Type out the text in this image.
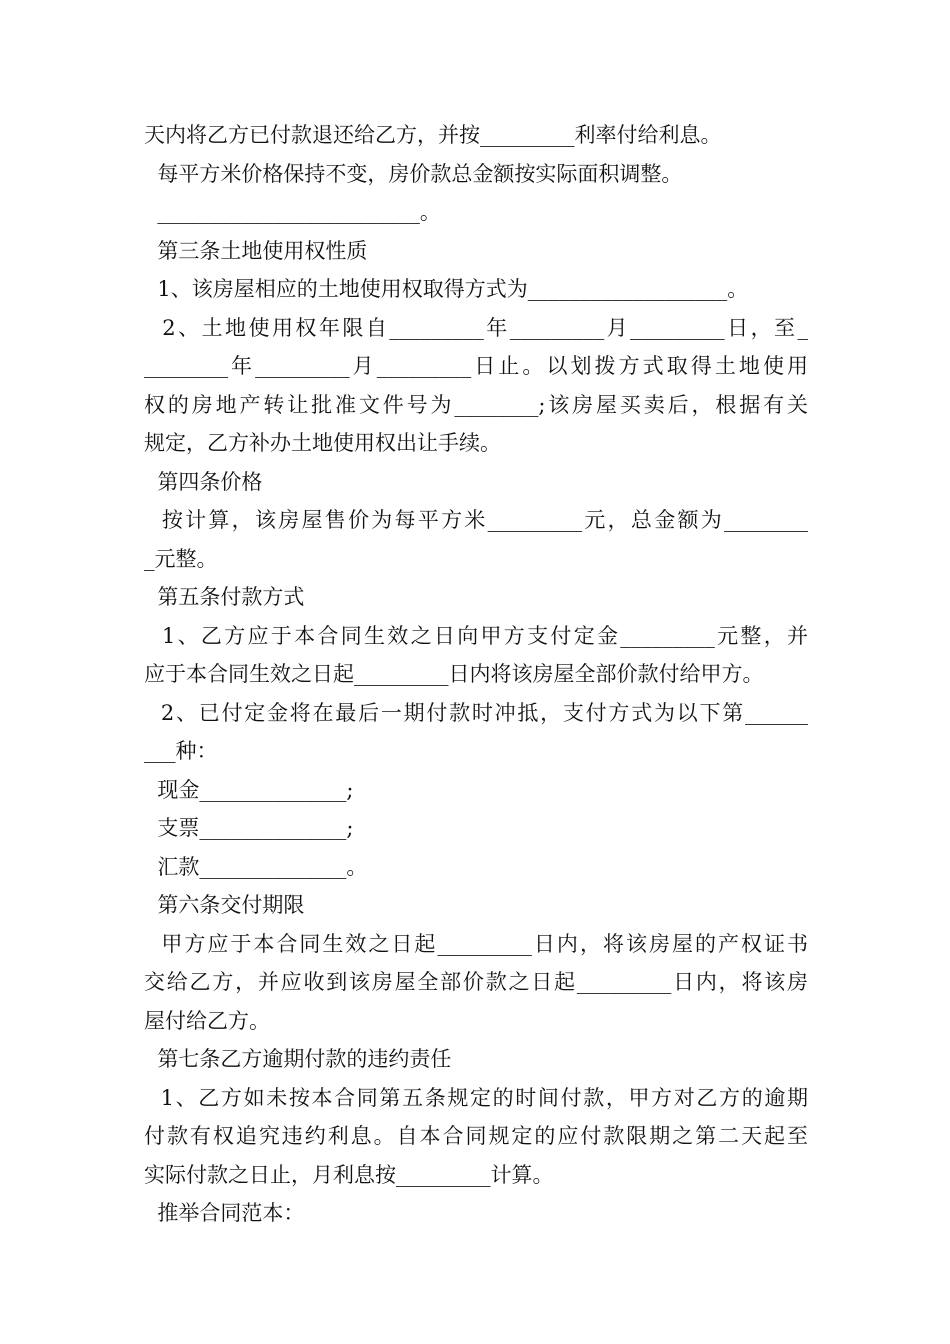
天内将乙方已付款退还给乙方，并按_________利率付给利息。
每平方米价格保持不变，房价款总金额按实际面积调整。
_________________________。
第三条土地使用权性质
1、该房屋相应的土地使用权取得方式为___________________。
2、土地使用权年限自_________年_________月_________日，至_
________年_________月_________日止。以划拨方式取得土地使用
权的房地产转让批准文件号为________;该房屋买卖后，根据有关
规定，乙方补办土地使用权出让手续。
第四条价格
按计算，该房屋售价为每平方米_________元，总金额为________
_元整。
第五条付款方式
1、乙方应于本合同生效之日向甲方支付定金_________元整，并
应于本合同生效之日起_________日内将该房屋全部价款付给甲方。
2、已付定金将在最后一期付款时冲抵，支付方式为以下第______
___种：
现金______________;
支票______________;
汇款______________。
第六条交付期限
甲方应于本合同生效之日起_________日内，将该房屋的产权证书
交给乙方，并应收到该房屋全部价款之日起_________日内，将该房
屋付给乙方。
第七条乙方逾期付款的违约责任
1、乙方如未按本合同第五条规定的时间付款，甲方对乙方的逾期
付款有权追究违约利息。自本合同规定的应付款限期之第二天起至
实际付款之日止，月利息按_________计算。
推举合同范本：
